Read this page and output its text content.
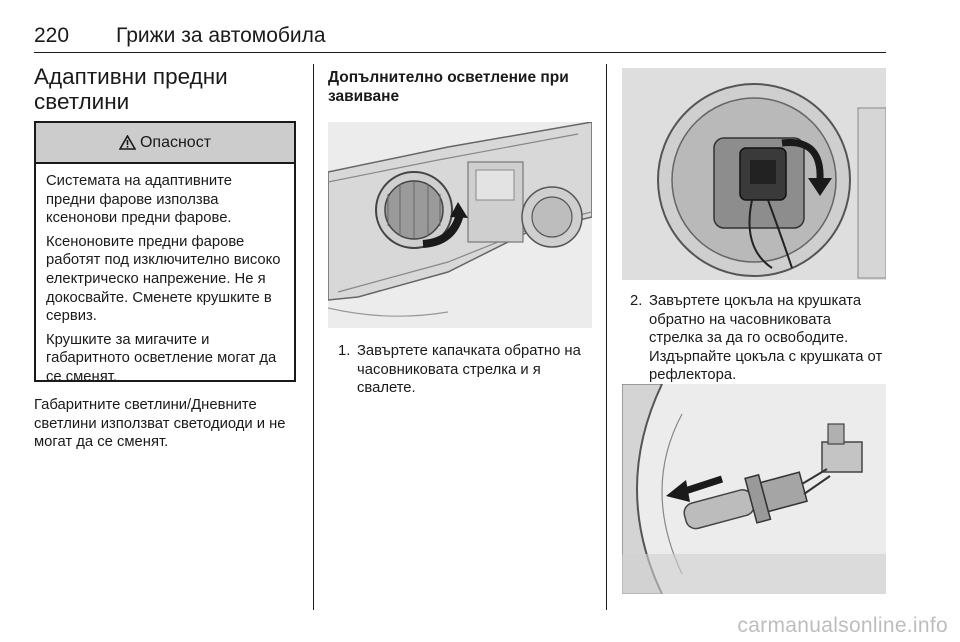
220 Грижи за автомобила
Адаптивни предни
светлини
Опасност

Системата на адаптивните предни фарове използва ксенонови предни фарове.

Ксеноновите предни фарове работят под изключително високо електрическо напрежение. Не я докосвайте. Сменете крушките в сервиз.

Крушките за мигачите и габаритното осветление могат да се сменят.

Габаритните светлини/Дневните светлини използват светодиоди и не могат да се сменят.

Допълнително осветление при завиване
1. Завъртете капачката обратно на часовниковата стрелка и я свалете.
2. Завъртете цокъла на крушката обратно на часовниковата стрелка за да го освободите. Издърпайте цокъла с крушката от рефлектора.
carmanualsonline.info
